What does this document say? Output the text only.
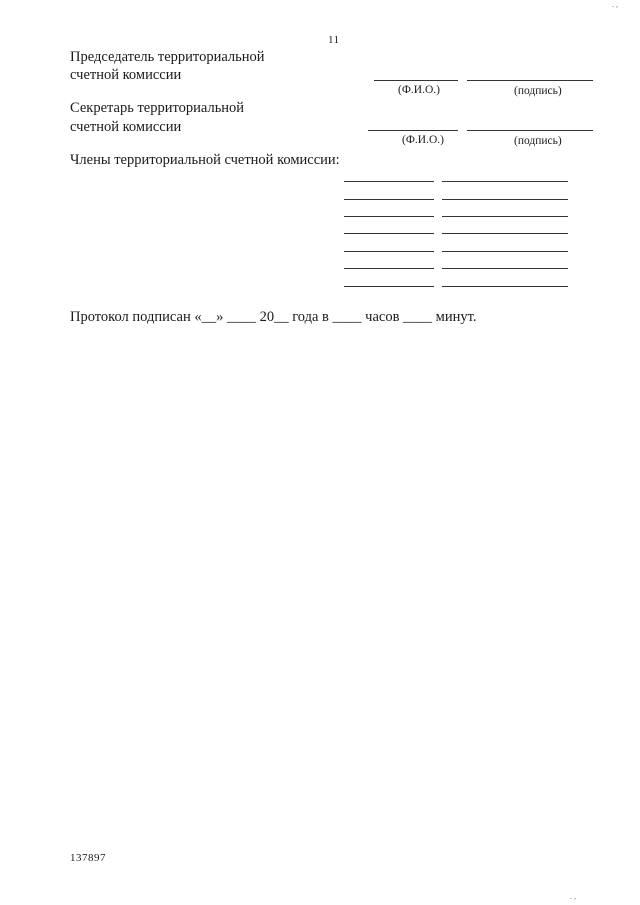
11
Председатель территориальной
счетной комиссии
(Ф.И.О.)	(подпись)
Секретарь территориальной
счетной комиссии
(Ф.И.О.)	(подпись)
Члены территориальной счетной комиссии:
Протокол подписан «__» ____ 20__ года в ____ часов ____ минут.
137897
. ,
. ,
